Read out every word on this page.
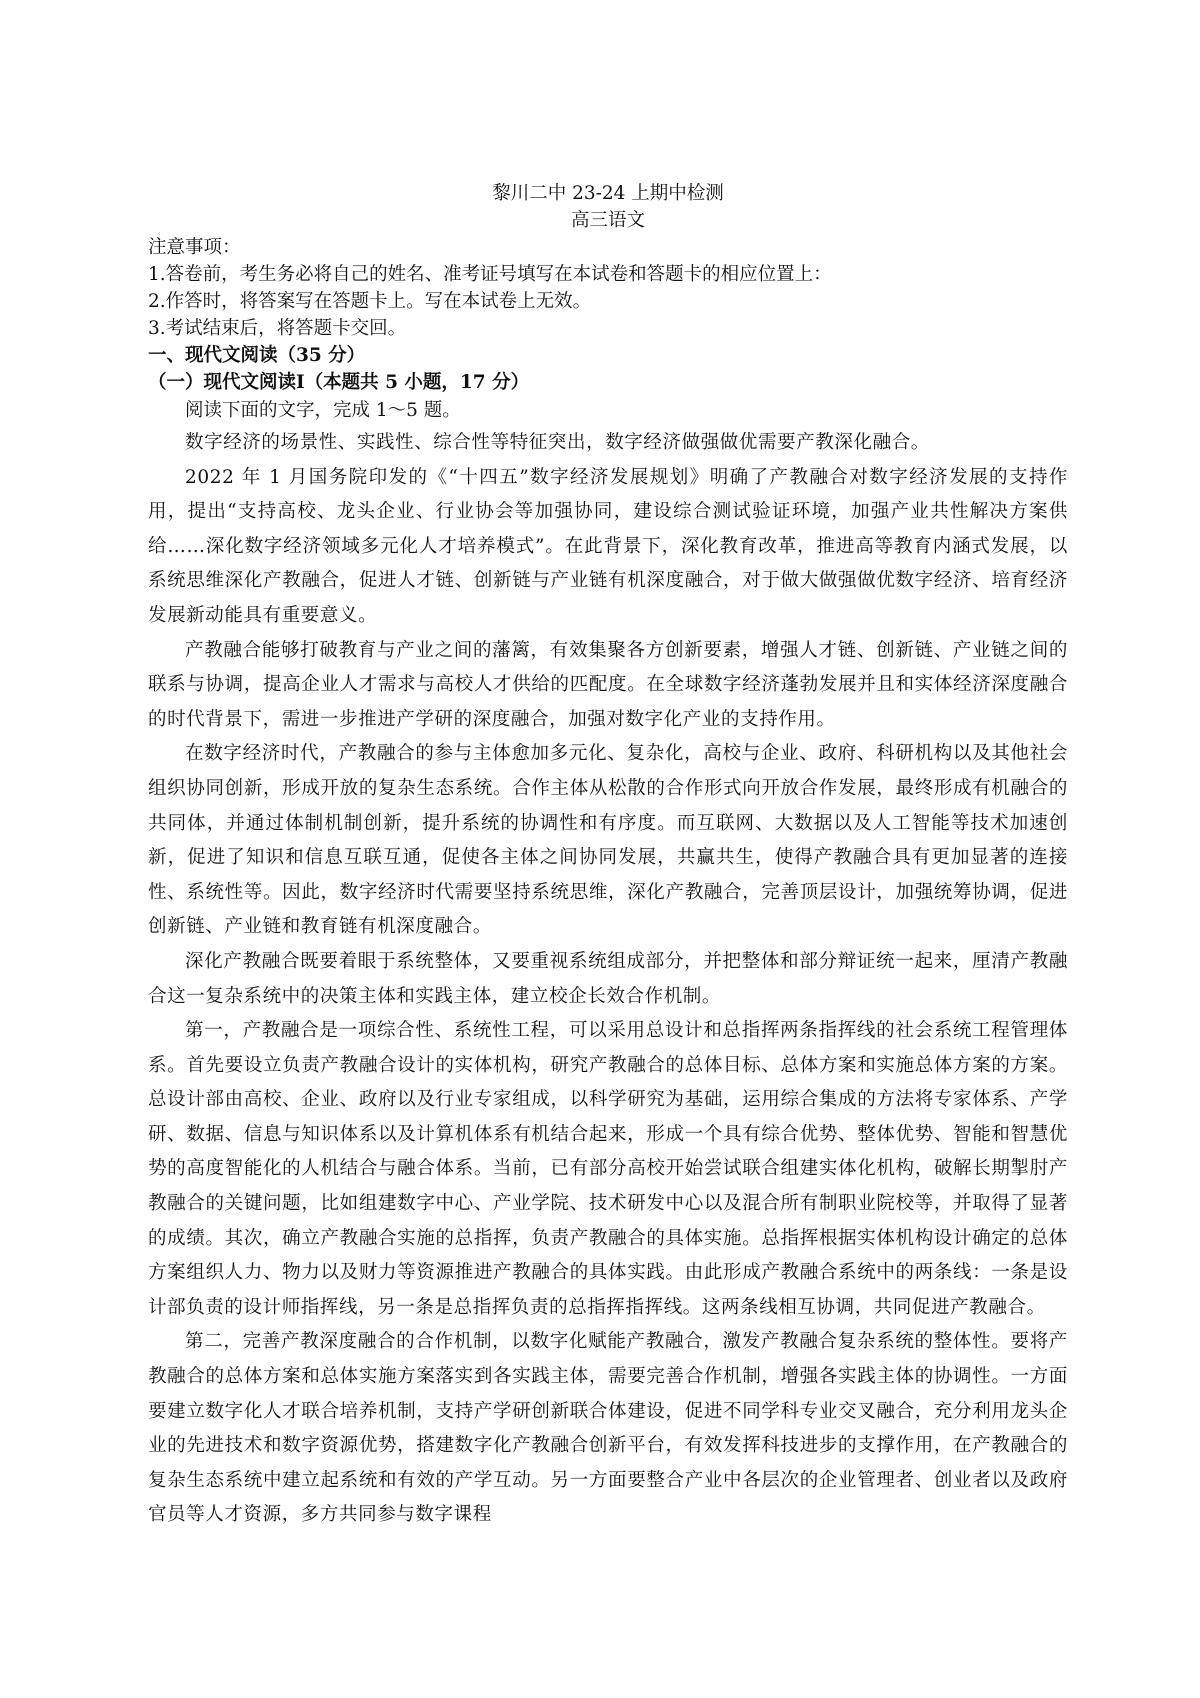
黎川二中 23-24 上期中检测

高三语文

注意事项：

1.答卷前，考生务必将自己的姓名、准考证号填写在本试卷和答题卡的相应位置上：

2.作答时，将答案写在答题卡上。写在本试卷上无效。

3.考试结束后，将答题卡交回。

一、现代文阅读（35 分）

（一）现代文阅读Ⅰ（本题共 5 小题，17 分）

阅读下面的文字，完成 1～5 题。

数字经济的场景性、实践性、综合性等特征突出，数字经济做强做优需要产教深化融合。

2022 年 1 月国务院印发的《“十四五”数字经济发展规划》明确了产教融合对数字经济发展的支持作用，提出“支持高校、龙头企业、行业协会等加强协同，建设综合测试验证环境，加强产业共性解决方案供给……深化数字经济领域多元化人才培养模式”。在此背景下，深化教育改革，推进高等教育内涵式发展，以系统思维深化产教融合，促进人才链、创新链与产业链有机深度融合，对于做大做强做优数字经济、培育经济发展新动能具有重要意义。

产教融合能够打破教育与产业之间的藩篱，有效集聚各方创新要素，增强人才链、创新链、产业链之间的联系与协调，提高企业人才需求与高校人才供给的匹配度。在全球数字经济蓬勃发展并且和实体经济深度融合的时代背景下，需进一步推进产学研的深度融合，加强对数字化产业的支持作用。

在数字经济时代，产教融合的参与主体愈加多元化、复杂化，高校与企业、政府、科研机构以及其他社会组织协同创新，形成开放的复杂生态系统。合作主体从松散的合作形式向开放合作发展，最终形成有机融合的共同体，并通过体制机制创新，提升系统的协调性和有序度。而互联网、大数据以及人工智能等技术加速创新，促进了知识和信息互联互通，促使各主体之间协同发展，共赢共生，使得产教融合具有更加显著的连接性、系统性等。因此，数字经济时代需要坚持系统思维，深化产教融合，完善顶层设计，加强统筹协调，促进创新链、产业链和教育链有机深度融合。

深化产教融合既要着眼于系统整体，又要重视系统组成部分，并把整体和部分辩证统一起来，厘清产教融合这一复杂系统中的决策主体和实践主体，建立校企长效合作机制。

第一，产教融合是一项综合性、系统性工程，可以采用总设计和总指挥两条指挥线的社会系统工程管理体系。首先要设立负责产教融合设计的实体机构，研究产教融合的总体目标、总体方案和实施总体方案的方案。总设计部由高校、企业、政府以及行业专家组成，以科学研究为基础，运用综合集成的方法将专家体系、产学研、数据、信息与知识体系以及计算机体系有机结合起来，形成一个具有综合优势、整体优势、智能和智慧优势的高度智能化的人机结合与融合体系。当前，已有部分高校开始尝试联合组建实体化机构，破解长期掣肘产教融合的关键问题，比如组建数字中心、产业学院、技术研发中心以及混合所有制职业院校等，并取得了显著的成绩。其次，确立产教融合实施的总指挥，负责产教融合的具体实施。总指挥根据实体机构设计确定的总体方案组织人力、物力以及财力等资源推进产教融合的具体实践。由此形成产教融合系统中的两条线：一条是设计部负责的设计师指挥线，另一条是总指挥负责的总指挥指挥线。这两条线相互协调，共同促进产教融合。

第二，完善产教深度融合的合作机制，以数字化赋能产教融合，激发产教融合复杂系统的整体性。要将产教融合的总体方案和总体实施方案落实到各实践主体，需要完善合作机制，增强各实践主体的协调性。一方面要建立数字化人才联合培养机制，支持产学研创新联合体建设，促进不同学科专业交叉融合，充分利用龙头企业的先进技术和数字资源优势，搭建数字化产教融合创新平台，有效发挥科技进步的支撑作用，在产教融合的复杂生态系统中建立起系统和有效的产学互动。另一方面要整合产业中各层次的企业管理者、创业者以及政府官员等人才资源，多方共同参与数字课程
